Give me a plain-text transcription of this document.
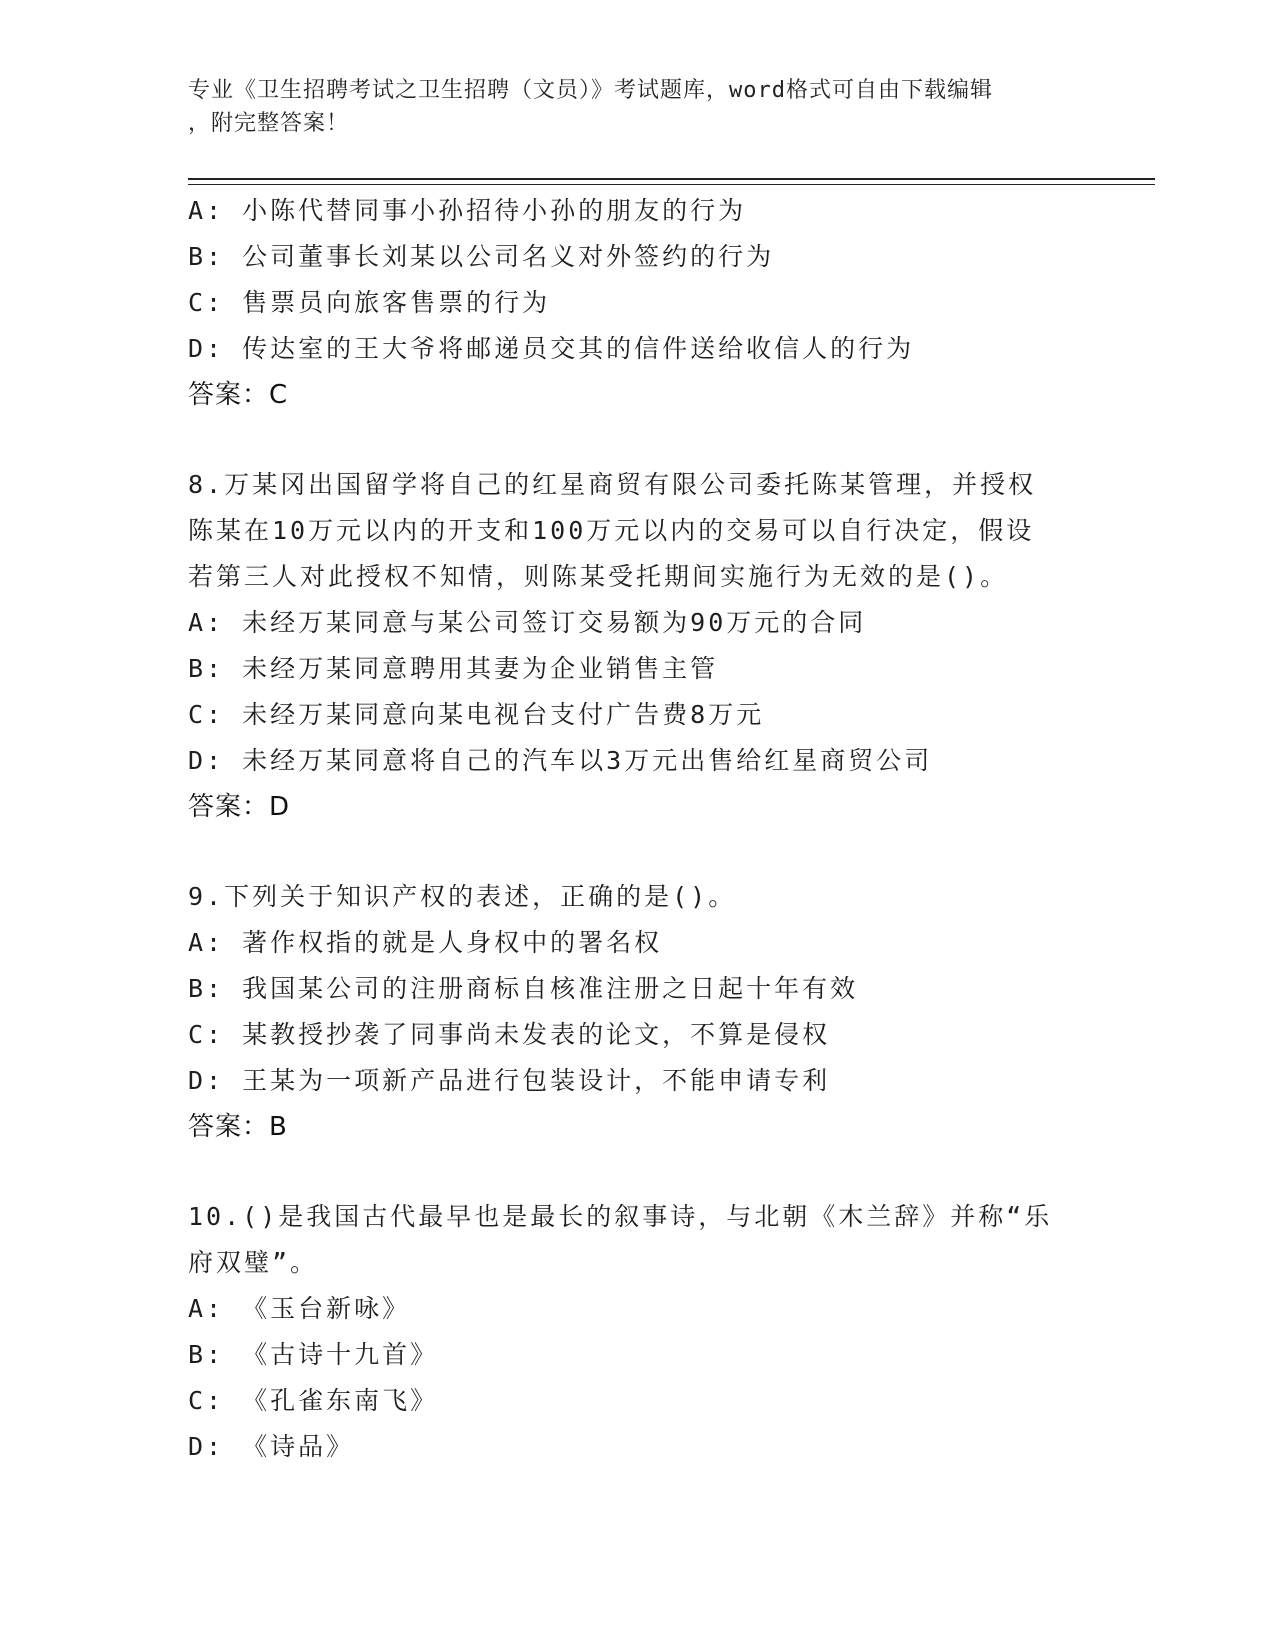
专业《卫生招聘考试之卫生招聘（文员）》考试题库，word格式可自由下载编辑
，附完整答案！
A: 小陈代替同事小孙招待小孙的朋友的行为
B: 公司董事长刘某以公司名义对外签约的行为
C: 售票员向旅客售票的行为
D: 传达室的王大爷将邮递员交其的信件送给收信人的行为
答案：C
8.万某冈出国留学将自己的红星商贸有限公司委托陈某管理，并授权
陈某在10万元以内的开支和100万元以内的交易可以自行决定，假设
若第三人对此授权不知情，则陈某受托期间实施行为无效的是()。
A: 未经万某同意与某公司签订交易额为90万元的合同
B: 未经万某同意聘用其妻为企业销售主管
C: 未经万某同意向某电视台支付广告费8万元
D: 未经万某同意将自己的汽车以3万元出售给红星商贸公司
答案：D
9.下列关于知识产权的表述，正确的是()。
A: 著作权指的就是人身权中的署名权
B: 我国某公司的注册商标自核准注册之日起十年有效
C: 某教授抄袭了同事尚未发表的论文，不算是侵权
D: 王某为一项新产品进行包装设计，不能申请专利
答案：B
10.()是我国古代最早也是最长的叙事诗，与北朝《木兰辞》并称“乐
府双璧”。
A: 《玉台新咏》
B: 《古诗十九首》
C: 《孔雀东南飞》
D: 《诗品》
